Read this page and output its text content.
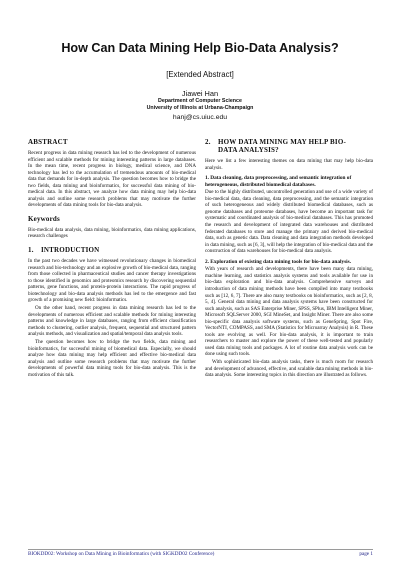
How Can Data Mining Help Bio-Data Analysis?
[Extended Abstract]
Jiawei Han
Department of Computer Science
University of Illinois at Urbana-Champaign
hanj@cs.uiuc.edu
ABSTRACT

Recent progress in data mining research has led to the development of numerous efficient and scalable methods for mining interesting patterns in large databases. In the mean time, recent progress in biology, medical science, and DNA technology has led to the accumulation of tremendous amounts of bio-medical data that demands for in-depth analysis. The question becomes how to bridge the two fields, data mining and bioinformatics, for successful data mining of bio-medical data. In this abstract, we analyze how data mining may help bio-data analysis and outline some research problems that may motivate the further developments of data mining tools for bio-data analysis.

Keywords

Bio-medical data analysis, data mining, bioinformatics, data mining applications, research challenges

1. INTRODUCTION

In the past two decades we have witnessed revolutionary changes in biomedical research and bio-technology and an explosive growth of bio-medical data, ranging from those collected in pharmaceutical studies and cancer therapy investigations to those identified in genomics and proteomics research by discovering sequential patterns, gene functions, and protein-protein interactions. The rapid progress of biotechnology and bio-data analysis methods has led to the emergence and fast growth of a promising new field: bioinformatics.

On the other hand, recent progress in data mining research has led to the developments of numerous efficient and scalable methods for mining interesting patterns and knowledge in large databases, ranging from efficient classification methods to clustering, outlier analysis, frequent, sequential and structured pattern analysis methods, and visualization and spatial/temporal data analysis tools.

The question becomes how to bridge the two fields, data mining and bioinformatics, for successful mining of biomedical data. Especially, we should analyze how data mining may help efficient and effective bio-medical data analysis and outline some research problems that may motivate the further developments of powerful data mining tools for bio-data analysis. This is the motivation of this talk.

2. HOW DATA MINING MAY HELP BIO-
DATA ANALYSIS?

Here we list a few interesting themes on data mining that may help bio-data analysis.

1. Data cleaning, data preprocessing, and semantic integration of heterogeneous, distributed biomedical databases.

Due to the highly distributed, uncontrolled generation and use of a wide variety of bio-medical data, data cleaning, data preprocessing, and the semantic integration of such heterogeneous and widely distributed biomedical databases, such as genome databases and proteome databases, have become an important task for systematic and coordinated analysis of bio-medical databases. This has promoted the research and development of integrated data warehouses and distributed federated databases to store and manage the primary and derived bio-medical data, such as genetic data. Data cleaning and data integration methods developed in data mining, such as [6, 3], will help the integration of bio-medical data and the construction of data warehouses for bio-medical data analysis.

2. Exploration of existing data mining tools for bio-data analysis.

With years of research and developments, there have been many data mining, machine learning, and statistics analysis systems and tools available for use in bio-data exploration and bio-data analysis. Comprehensive surveys and introduction of data mining methods have been compiled into many textbooks such as [12, 6, 7]. There are also many textbooks on bioinformatics, such as [2, 8, 5, 4]. General data mining and data analysis systems have been constructed for such analysis, such as SAS Enterprise Miner, SPSS, SPlus, IBM Intelligent Miner, Microsoft SQLServer 2000, SGI MineSet, and Insight Miner. There are also some bio-specific data analysis software systems, such as GeneSpring, Spot Fire, VectorNTI, COMPASS, and SMA (Statistics for Microarray Analysis) in R. These tools are evolving as well. For bio-data analysis, it is important to train researchers to master and explore the power of these well-tested and popularly used data mining tools and packages. A lot of routine data analysis work can be done using such tools.

With sophisticated bio-data analysis tasks, there is much room for research and development of advanced, effective, and scalable data mining methods in bio-data analysis. Some interesting topics in this direction are illustrated as follows.

BIOKDD02: Workshop on Data Mining in Bioinformatics (with SIGKDD02 Conference)	page 1
